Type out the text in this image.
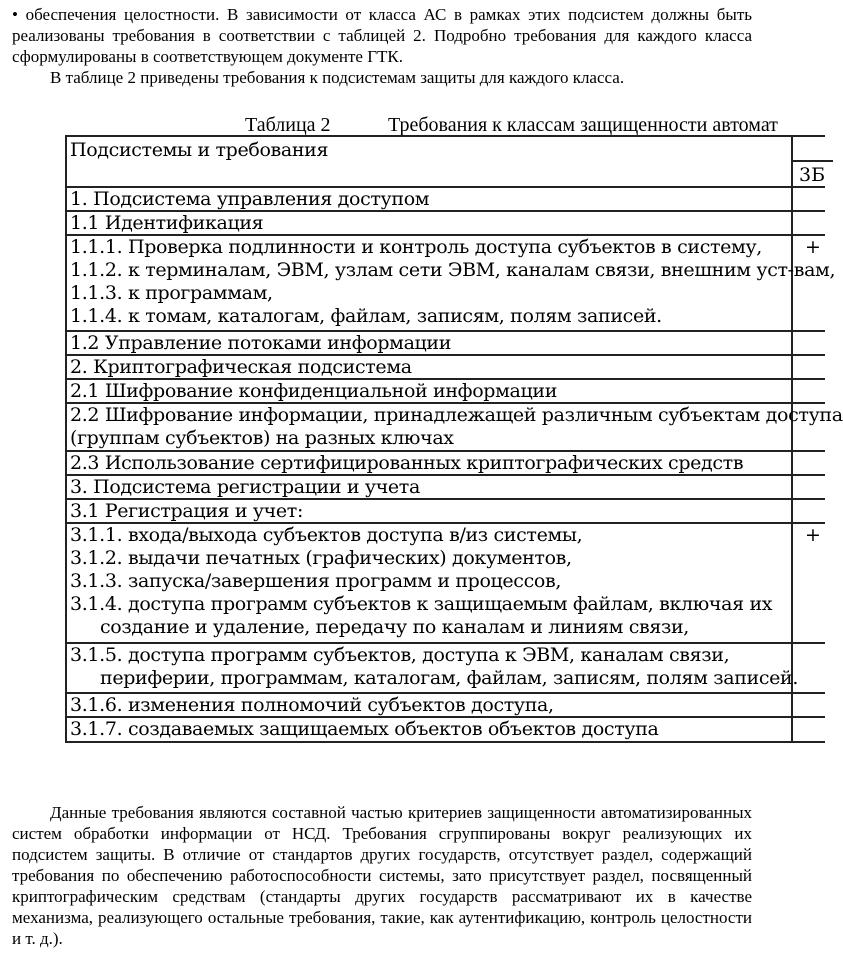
• обеспечения целостности. В зависимости от класса АС в рамках этих подсистем должны быть реализованы требования в соответствии с таблицей 2. Подробно требования для каждого класса сформулированы в соответствующем документе ГТК.

В таблице 2 приведены требования к подсистемам защиты для каждого класса.

Таблица 2	Требования к классам защищенности автомат
Подсистемы и требования
3Б
1. Подсистема управления доступом
1.1 Идентификация
1.1.1. Проверка подлинности и контроль доступа субъектов в систему,
1.1.2. к терминалам, ЭВМ, узлам сети ЭВМ, каналам связи, внешним уст-вам,
1.1.3. к программам,
1.1.4. к томам, каталогам, файлам, записям, полям записей.
+
1.2 Управление потоками информации
2. Криптографическая подсистема
2.1 Шифрование конфиденциальной информации
2.2 Шифрование информации, принадлежащей различным субъектам доступа
(группам субъектов) на разных ключах
2.3 Использование сертифицированных криптографических средств
3. Подсистема регистрации и учета
3.1 Регистрация и учет:
3.1.1. входа/выхода субъектов доступа в/из системы,
3.1.2. выдачи печатных (графических) документов,
3.1.3. запуска/завершения программ и процессов,
3.1.4. доступа программ субъектов к защищаемым файлам, включая их
создание и удаление, передачу по каналам и линиям связи,
+
3.1.5. доступа программ субъектов, доступа к ЭВМ, каналам связи,
периферии, программам, каталогам, файлам, записям, полям записей.
3.1.6. изменения полномочий субъектов доступа,
3.1.7. создаваемых защищаемых объектов объектов доступа

Данные требования являются составной частью критериев защищенности автоматизированных систем обработки информации от НСД. Требования сгруппированы вокруг реализующих их подсистем защиты. В отличие от стандартов других государств, отсутствует раздел, содержащий требования по обеспечению работоспособности системы, зато присутствует раздел, посвященный криптографическим средствам (стандарты других государств рассматривают их в качестве механизма, реализующего остальные требования, такие, как аутентификацию, контроль целостности и т. д.).
